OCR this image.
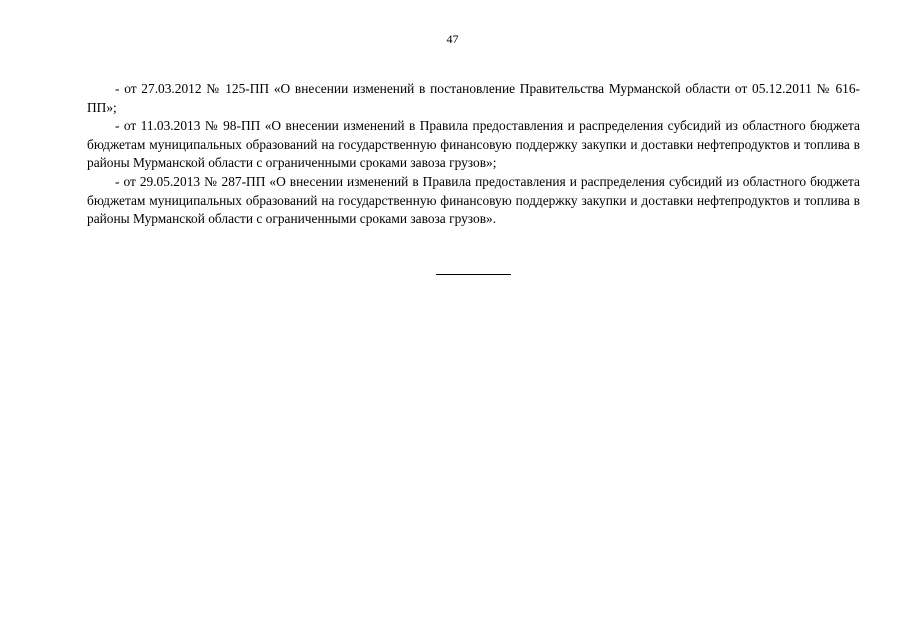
47

- от 27.03.2012 № 125-ПП «О внесении изменений в постановление Правительства Мурманской области от 05.12.2011 № 616-ПП»;

- от 11.03.2013 № 98-ПП «О внесении изменений в Правила предоставления и распределения субсидий из областного бюджета бюджетам муниципальных образований на государственную финансовую поддержку закупки и доставки нефтепродуктов и топлива в районы Мурманской области с ограниченными сроками завоза грузов»;

- от 29.05.2013 № 287-ПП «О внесении изменений в Правила предоставления и распределения субсидий из областного бюджета бюджетам муниципальных образований на государственную финансовую поддержку закупки и доставки нефтепродуктов и топлива в районы Мурманской области с ограниченными сроками завоза грузов».
